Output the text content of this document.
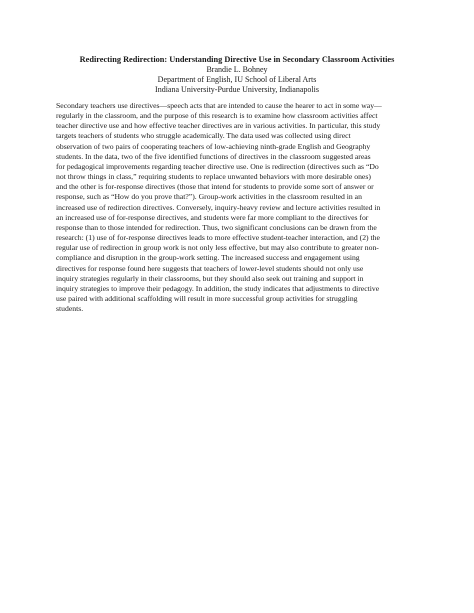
Redirecting Redirection: Understanding Directive Use in Secondary Classroom Activities
Brandie L. Bohney
Department of English, IU School of Liberal Arts
Indiana University-Purdue University, Indianapolis
Secondary teachers use directives—speech acts that are intended to cause the hearer to act in some way—
regularly in the classroom, and the purpose of this research is to examine how classroom activities affect
teacher directive use and how effective teacher directives are in various activities. In particular, this study
targets teachers of students who struggle academically. The data used was collected using direct
observation of two pairs of cooperating teachers of low-achieving ninth-grade English and Geography
students. In the data, two of the five identified functions of directives in the classroom suggested areas
for pedagogical improvements regarding teacher directive use. One is redirection (directives such as “Do
not throw things in class,” requiring students to replace unwanted behaviors with more desirable ones)
and the other is for-response directives (those that intend for students to provide some sort of answer or
response, such as “How do you prove that?”). Group-work activities in the classroom resulted in an
increased use of redirection directives. Conversely, inquiry-heavy review and lecture activities resulted in
an increased use of for-response directives, and students were far more compliant to the directives for
response than to those intended for redirection. Thus, two significant conclusions can be drawn from the
research: (1) use of for-response directives leads to more effective student-teacher interaction, and (2) the
regular use of redirection in group work is not only less effective, but may also contribute to greater non-
compliance and disruption in the group-work setting. The increased success and engagement using
directives for response found here suggests that teachers of lower-level students should not only use
inquiry strategies regularly in their classrooms, but they should also seek out training and support in
inquiry strategies to improve their pedagogy. In addition, the study indicates that adjustments to directive
use paired with additional scaffolding will result in more successful group activities for struggling
students.
